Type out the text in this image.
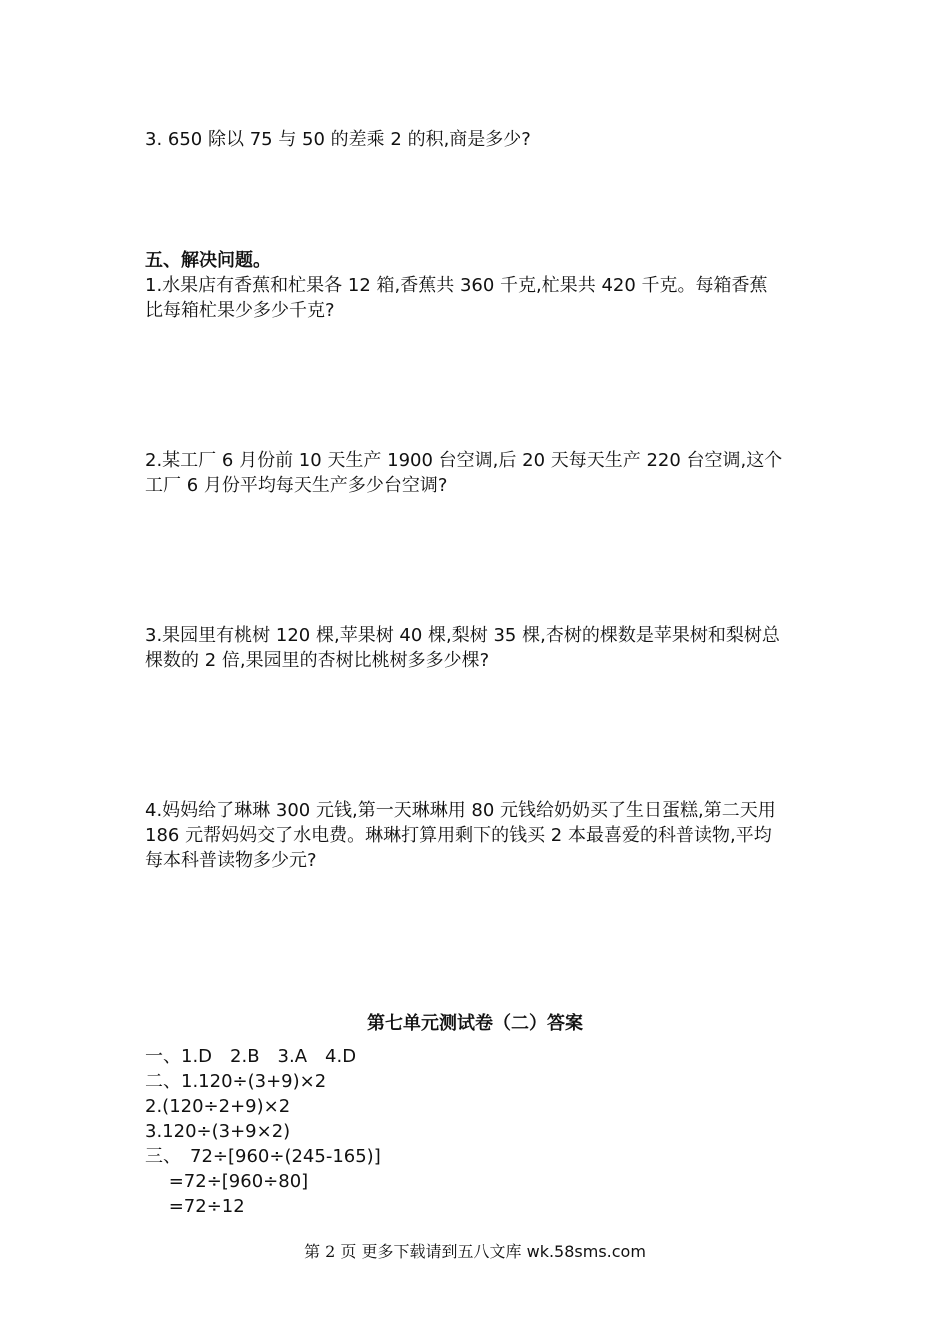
3. 650 除以 75 与 50 的差乘 2 的积,商是多少?
五、解决问题。
1.水果店有香蕉和杧果各 12 箱,香蕉共 360 千克,杧果共 420 千克。每箱香蕉
比每箱杧果少多少千克?
2.某工厂 6 月份前 10 天生产 1900 台空调,后 20 天每天生产 220 台空调,这个
工厂 6 月份平均每天生产多少台空调?
3.果园里有桃树 120 棵,苹果树 40 棵,梨树 35 棵,杏树的棵数是苹果树和梨树总
棵数的 2 倍,果园里的杏树比桃树多多少棵?
4.妈妈给了琳琳 300 元钱,第一天琳琳用 80 元钱给奶奶买了生日蛋糕,第二天用
186 元帮妈妈交了水电费。琳琳打算用剩下的钱买 2 本最喜爱的科普读物,平均
每本科普读物多少元?
第七单元测试卷（二）答案
一、1.D　2.B　3.A　4.D
二、1.120÷(3+9)×2
2.(120÷2+9)×2
3.120÷(3+9×2)
三、　72÷[960÷(245-165)]
　 =72÷[960÷80]
　 =72÷12
第 2 页 更多下载请到五八文库 wk.58sms.com
